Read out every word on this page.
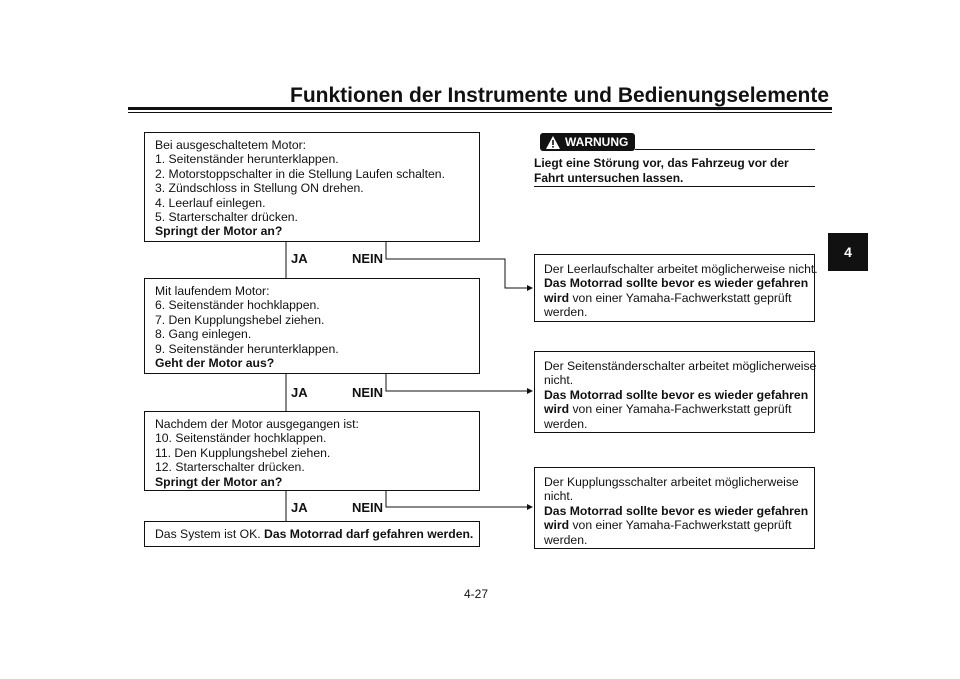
Funktionen der Instrumente und Bedienungselemente
4
Bei ausgeschaltetem Motor:
1. Seitenständer herunterklappen.
2. Motorstoppschalter in die Stellung Laufen schalten.
3. Zündschloss in Stellung ON drehen.
4. Leerlauf einlegen.
5. Starterschalter drücken.
Springt der Motor an?
Mit laufendem Motor:
6. Seitenständer hochklappen.
7. Den Kupplungshebel ziehen.
8. Gang einlegen.
9. Seitenständer herunterklappen.
Geht der Motor aus?
Nachdem der Motor ausgegangen ist:
10. Seitenständer hochklappen.
11. Den Kupplungshebel ziehen.
12. Starterschalter drücken.
Springt der Motor an?
Das System ist OK. Das Motorrad darf gefahren werden.
JA	NEIN
JA	NEIN
JA	NEIN
WARNUNG
Liegt eine Störung vor, das Fahrzeug vor der
Fahrt untersuchen lassen.
Der Leerlaufschalter arbeitet möglicherweise nicht.
Das Motorrad sollte bevor es wieder gefahren
wird von einer Yamaha-Fachwerkstatt geprüft
werden.
Der Seitenständerschalter arbeitet möglicherweise
nicht.
Das Motorrad sollte bevor es wieder gefahren
wird von einer Yamaha-Fachwerkstatt geprüft
werden.
Der Kupplungsschalter arbeitet möglicherweise
nicht.
Das Motorrad sollte bevor es wieder gefahren
wird von einer Yamaha-Fachwerkstatt geprüft
werden.
4-27
